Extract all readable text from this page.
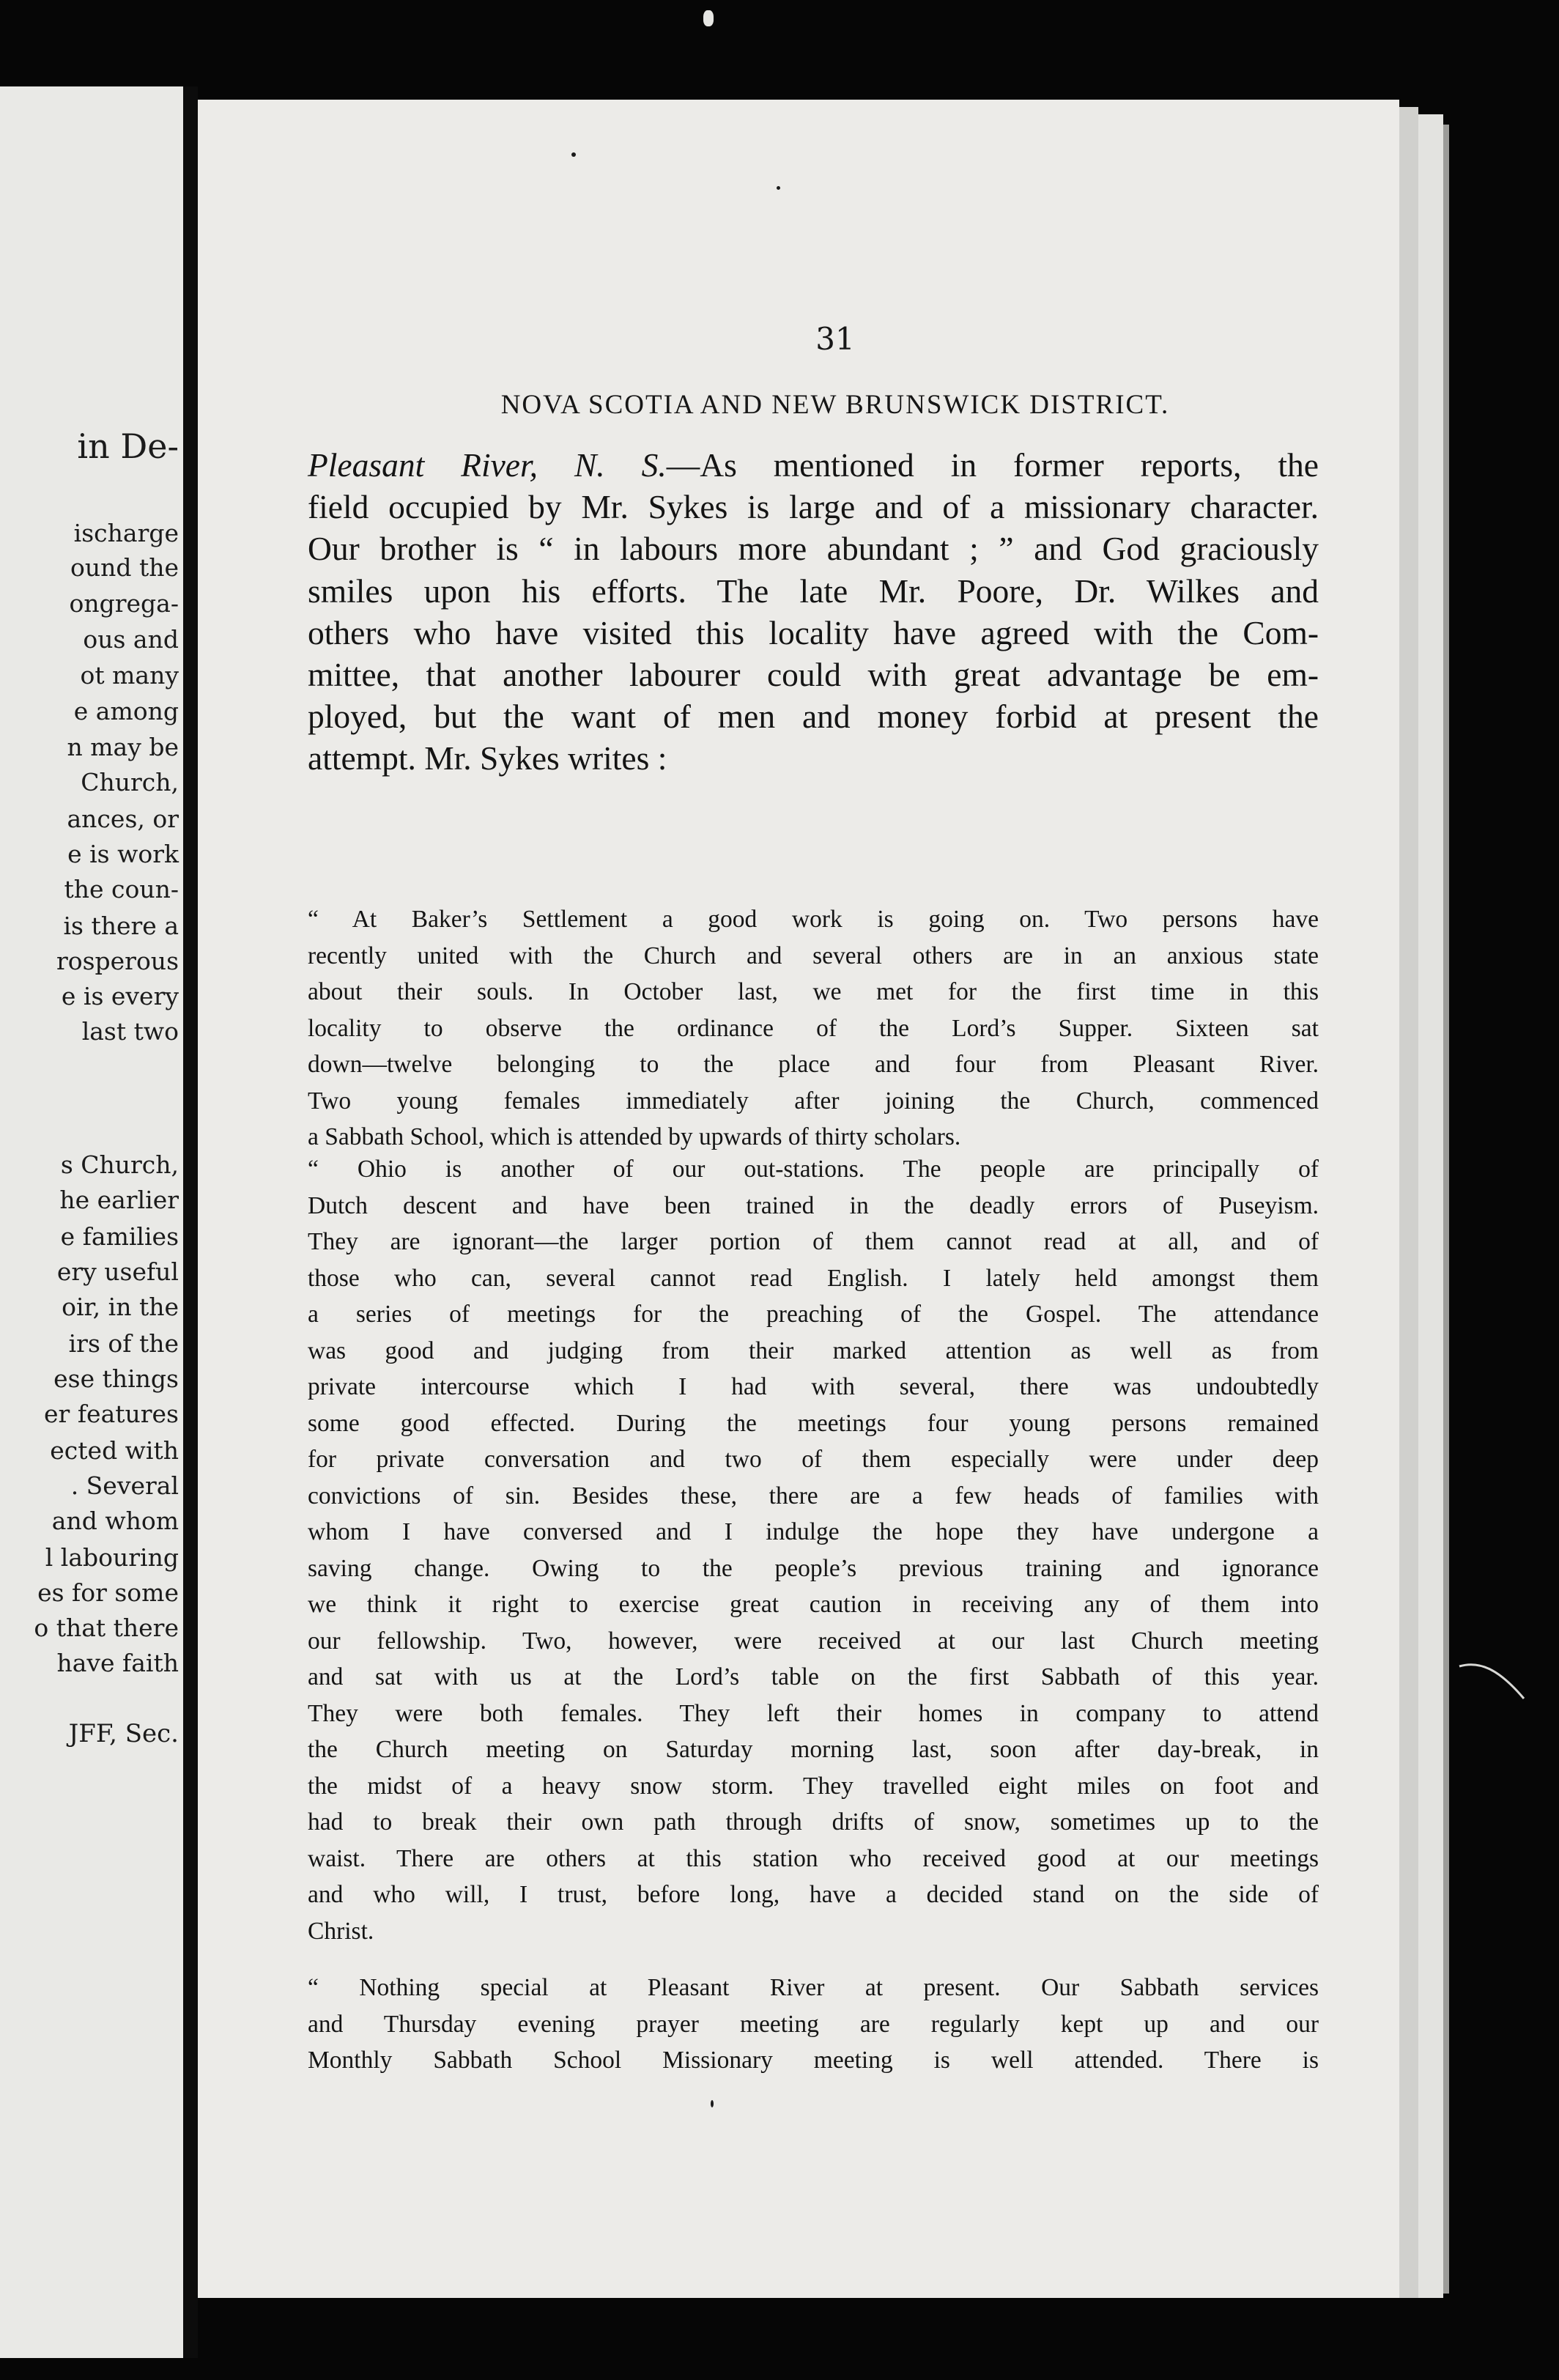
in De-
ischarge
ound the
ongrega-
ous and
ot many
e among
n may be
Church,
ances, or
e is work
the coun-
is there a
rosperous
e is every
last two
s Church,
he earlier
e families
ery useful
oir, in the
irs of the
ese things
er features
ected with
. Several
and whom
l labouring
es for some
o that there
have faith
JFF, Sec.
31
NOVA SCOTIA AND NEW BRUNSWICK DISTRICT.
Pleasant River, N. S.—As mentioned in former reports, the
field occupied by Mr. Sykes is large and of a missionary character.
Our brother is “ in labours more abundant ; ” and God graciously
smiles upon his efforts. The late Mr. Poore, Dr. Wilkes and
others who have visited this locality have agreed with the Com-
mittee, that another labourer could with great advantage be em-
ployed, but the want of men and money forbid at present the
attempt. Mr. Sykes writes :
“ At Baker’s Settlement a good work is going on. Two persons have
recently united with the Church and several others are in an anxious state
about their souls. In October last, we met for the first time in this
locality to observe the ordinance of the Lord’s Supper. Sixteen sat
down—twelve belonging to the place and four from Pleasant River.
Two young females immediately after joining the Church, commenced
a Sabbath School, which is attended by upwards of thirty scholars.
“ Ohio is another of our out-stations. The people are principally of
Dutch descent and have been trained in the deadly errors of Puseyism.
They are ignorant—the larger portion of them cannot read at all, and of
those who can, several cannot read English. I lately held amongst them
a series of meetings for the preaching of the Gospel. The attendance
was good and judging from their marked attention as well as from
private intercourse which I had with several, there was undoubtedly
some good effected. During the meetings four young persons remained
for private conversation and two of them especially were under deep
convictions of sin. Besides these, there are a few heads of families with
whom I have conversed and I indulge the hope they have undergone a
saving change. Owing to the people’s previous training and ignorance
we think it right to exercise great caution in receiving any of them into
our fellowship. Two, however, were received at our last Church meeting
and sat with us at the Lord’s table on the first Sabbath of this year.
They were both females. They left their homes in company to attend
the Church meeting on Saturday morning last, soon after day-break, in
the midst of a heavy snow storm. They travelled eight miles on foot and
had to break their own path through drifts of snow, sometimes up to the
waist. There are others at this station who received good at our meetings
and who will, I trust, before long, have a decided stand on the side of
Christ.
“ Nothing special at Pleasant River at present. Our Sabbath services
and Thursday evening prayer meeting are regularly kept up and our
Monthly Sabbath School Missionary meeting is well attended. There is
